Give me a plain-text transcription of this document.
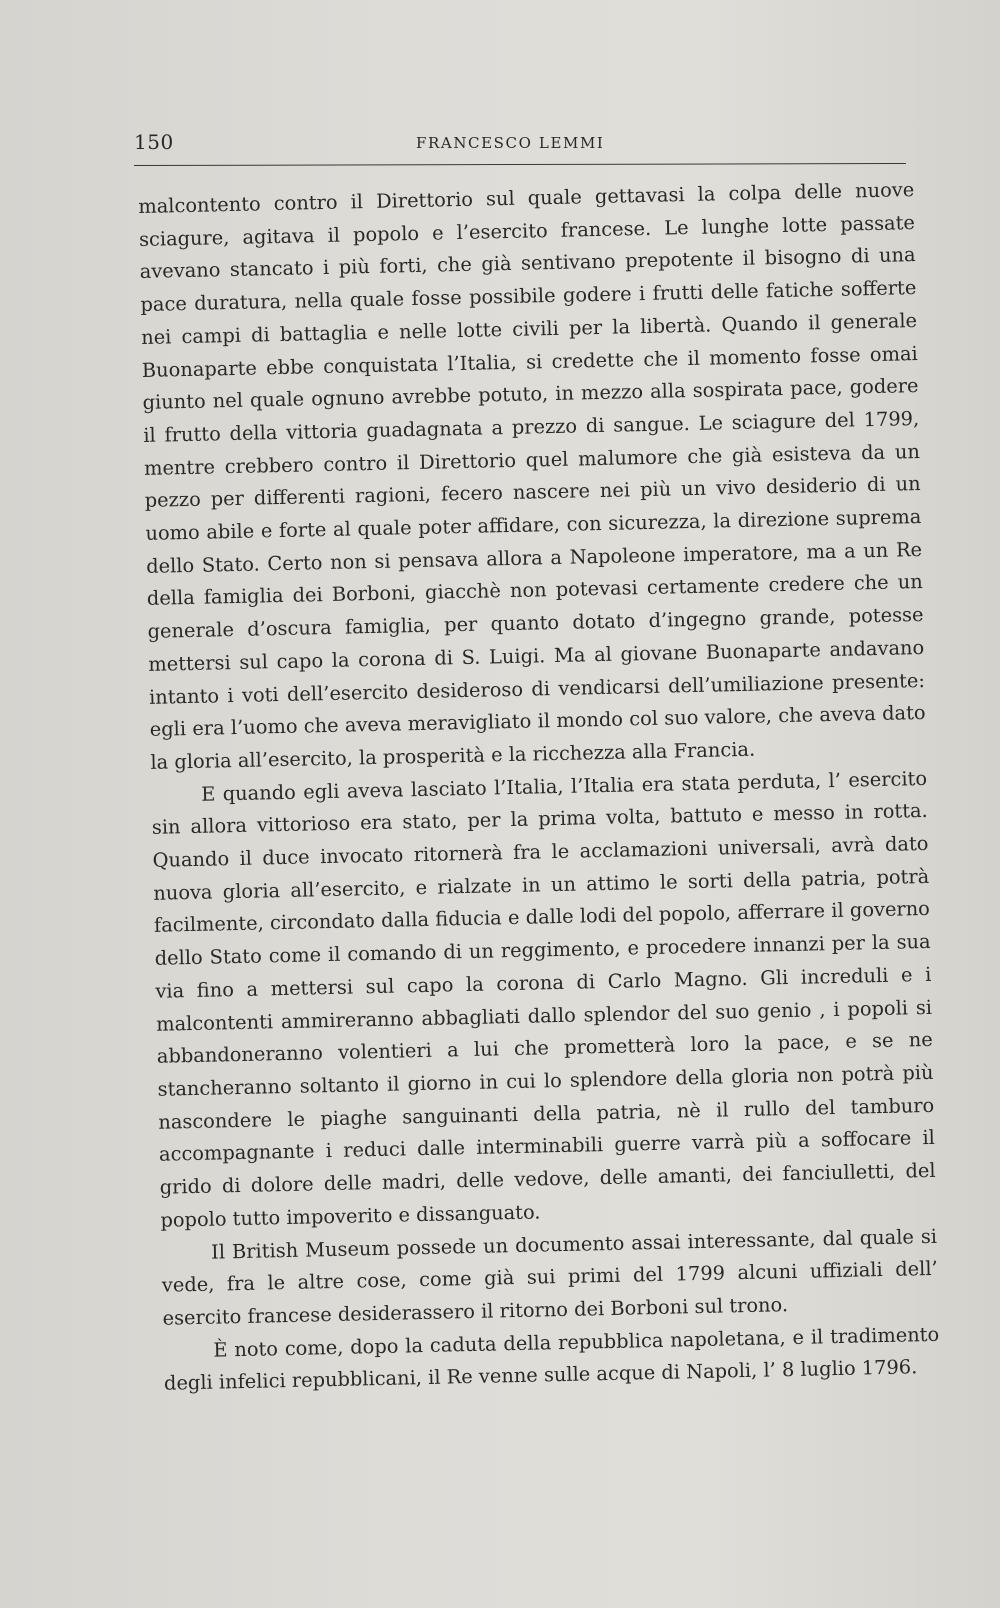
150	FRANCESCO LEMMI

malcontento contro il Direttorio sul quale gettavasi la colpa delle nuove sciagure, agitava il popolo e l’esercito francese. Le lunghe lotte passate avevano stancato i più forti, che già sentivano prepotente il bisogno di una pace duratura, nella quale fosse possibile godere i frutti delle fatiche sofferte nei campi di battaglia e nelle lotte civili per la libertà. Quando il generale Buonaparte ebbe conquistata l’Italia, si credette che il momento fosse omai giunto nel quale ognuno avrebbe potuto, in mezzo alla sospirata pace, godere il frutto della vittoria guadagnata a prezzo di sangue. Le sciagure del 1799, mentre crebbero contro il Direttorio quel malumore che già esisteva da un pezzo per differenti ragioni, fecero nascere nei più un vivo desiderio di un uomo abile e forte al quale poter affidare, con sicurezza, la direzione suprema dello Stato. Certo non si pensava allora a Napoleone imperatore, ma a un Re della famiglia dei Borboni, giacchè non potevasi certamente credere che un generale d’oscura famiglia, per quanto dotato d’ingegno grande, potesse mettersi sul capo la corona di S. Luigi. Ma al giovane Buonaparte andavano intanto i voti dell’esercito desideroso di vendicarsi dell’umiliazione presente: egli era l’uomo che aveva meravigliato il mondo col suo valore, che aveva dato la gloria all’esercito, la prosperità e la ricchezza alla Francia.

E quando egli aveva lasciato l’Italia, l’Italia era stata perduta, l’ esercito sin allora vittorioso era stato, per la prima volta, battuto e messo in rotta. Quando il duce invocato ritornerà fra le acclamazioni universali, avrà dato nuova gloria all’esercito, e rialzate in un attimo le sorti della patria, potrà facilmente, circondato dalla fiducia e dalle lodi del popolo, afferrare il governo dello Stato come il comando di un reggimento, e procedere innanzi per la sua via fino a mettersi sul capo la corona di Carlo Magno. Gli increduli e i malcontenti ammireranno abbagliati dallo splendor del suo genio , i popoli si abbandoneranno volentieri a lui che prometterà loro la pace, e se ne stancheranno soltanto il giorno in cui lo splendore della gloria non potrà più nascondere le piaghe sanguinanti della patria, nè il rullo del tamburo accompagnante i reduci dalle interminabili guerre varrà più a soffocare il grido di dolore delle madri, delle vedove, delle amanti, dei fanciulletti, del popolo tutto impoverito e dissanguato.

Il British Museum possede un documento assai interessante, dal quale si vede, fra le altre cose, come già sui primi del 1799 alcuni uffiziali dell’ esercito francese desiderassero il ritorno dei Borboni sul trono.

È noto come, dopo la caduta della repubblica napoletana, e il tradimento degli infelici repubblicani, il Re venne sulle acque di Napoli, l’ 8 luglio 1796.
